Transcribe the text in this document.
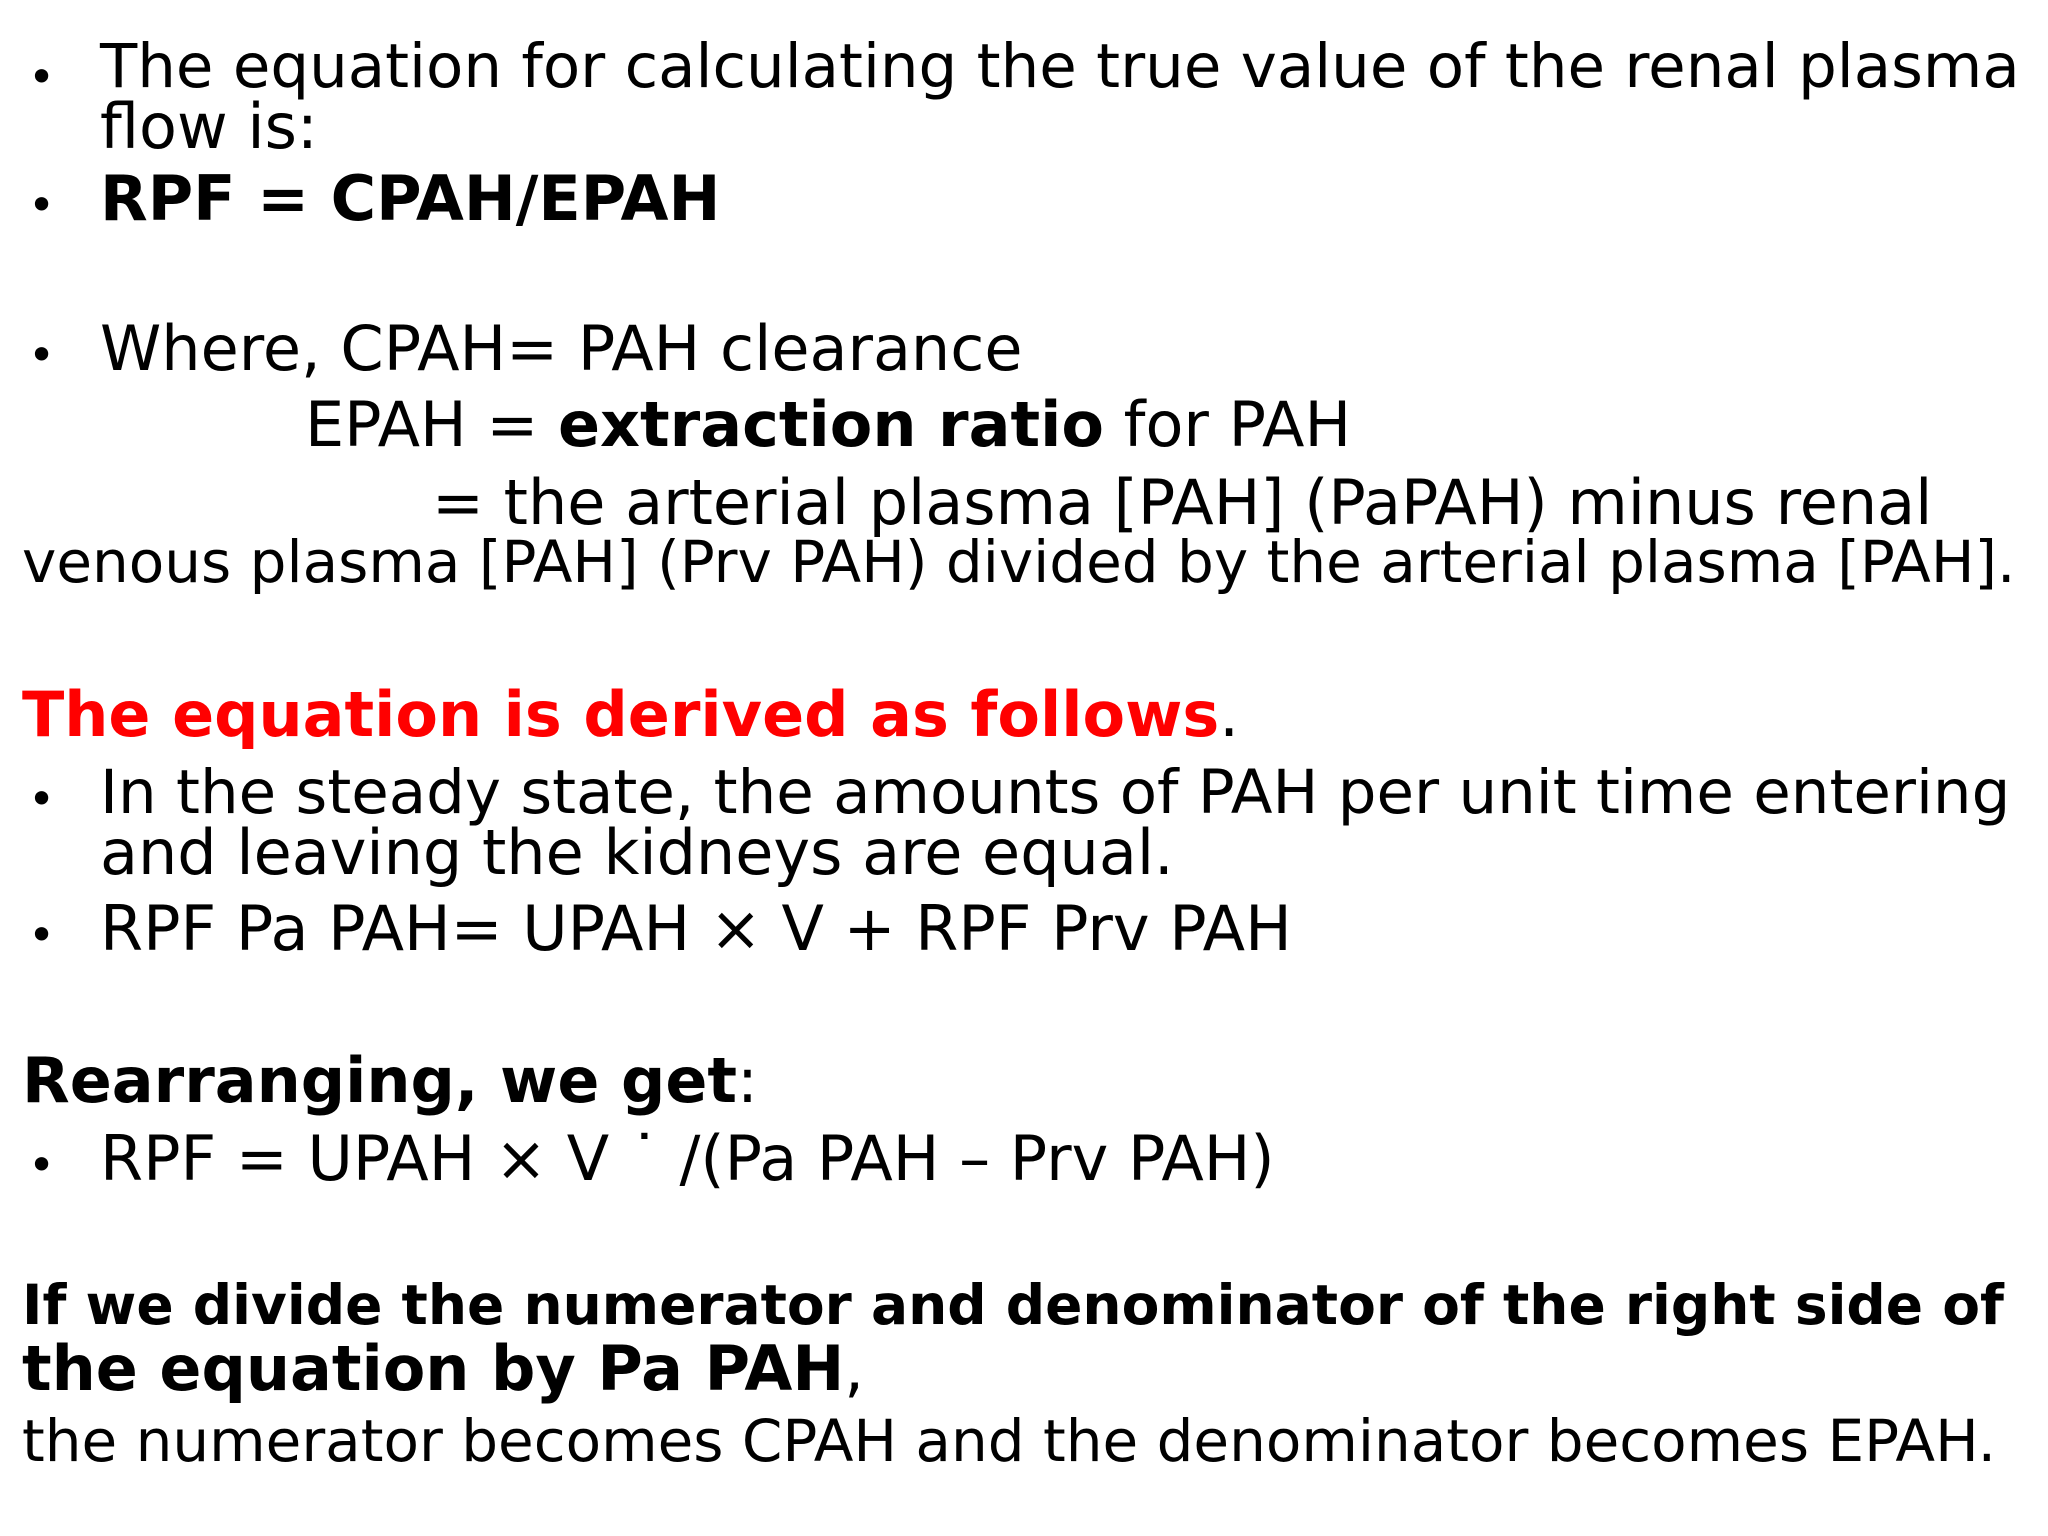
• The equation for calculating the true value of the renal plasma
flow is:
• RPF = CPAH/EPAH
• Where, CPAH= PAH clearance
EPAH = extraction ratio for PAH
= the arterial plasma [PAH] (PaPAH) minus renal
venous plasma [PAH] (Prv PAH) divided by the arterial plasma [PAH].
The equation is derived as follows.
• In the steady state, the amounts of PAH per unit time entering
and leaving the kidneys are equal.
• RPF Pa PAH= UPAH × V + RPF Prv PAH
Rearranging, we get:
• RPF = UPAH × V ˙ /(Pa PAH – Prv PAH)
If we divide the numerator and denominator of the right side of
the equation by Pa PAH,
the numerator becomes CPAH and the denominator becomes EPAH.
